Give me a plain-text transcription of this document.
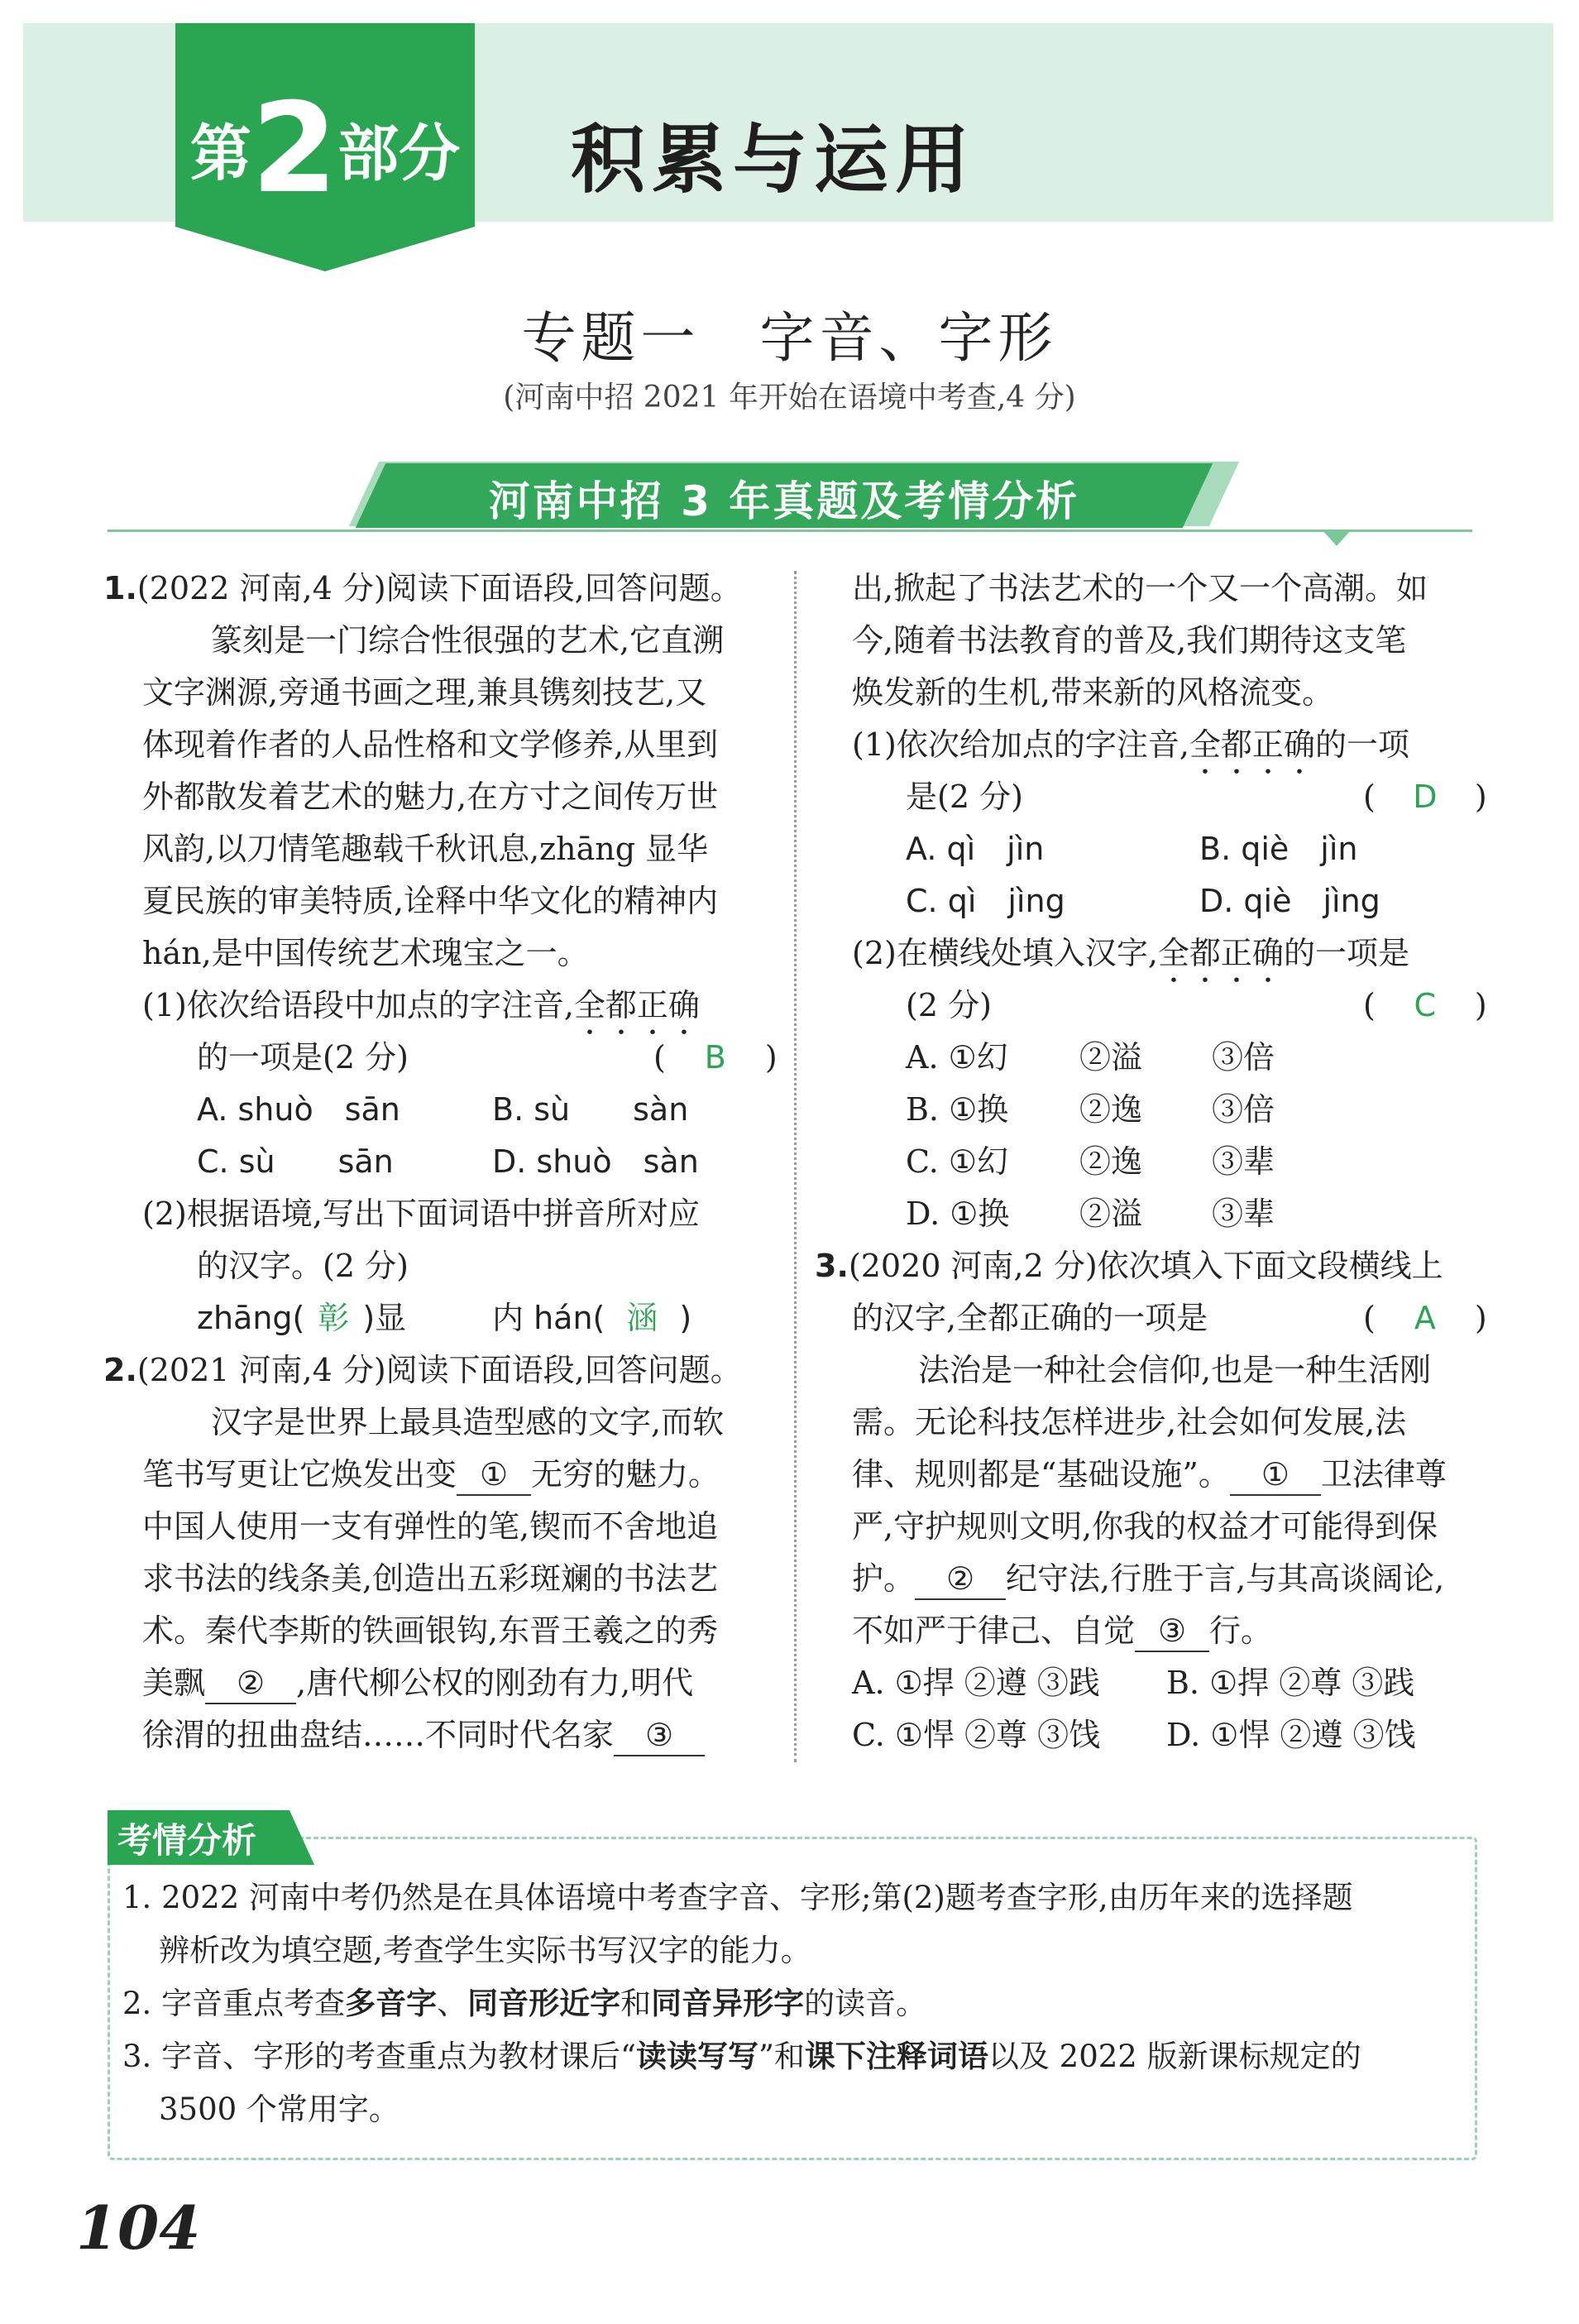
第2部分 积累与运用
专题一　字音、字形
(河南中招 2021 年开始在语境中考查,4 分)
河南中招 3 年真题及考情分析
1.(2022 河南,4 分)阅读下面语段,回答问题。
篆刻是一门综合性很强的艺术,它直溯
文字渊源,旁通书画之理,兼具镌刻技艺,又
体现着作者的人品性格和文学修养,从里到
外都散发着艺术的魅力,在方寸之间传万世
风韵,以刀情笔趣载千秋讯息,zhāng 显华
夏民族的审美特质,诠释中华文化的精神内
hán,是中国传统艺术瑰宝之一。
(1)依次给语段中加点的字注音,全都正确
的一项是(2 分)	( B )
A. shuò　sān	B. sù　　sàn
C. sù　　sān	D. shuò　sàn
(2)根据语境,写出下面词语中拼音所对应
的汉字。(2 分)
zhāng( 彰 )显	内 hán( 涵 )
2.(2021 河南,4 分)阅读下面语段,回答问题。
汉字是世界上最具造型感的文字,而软
笔书写更让它焕发出变 ① 无穷的魅力。
中国人使用一支有弹性的笔,锲而不舍地追
求书法的线条美,创造出五彩斑斓的书法艺
术。秦代李斯的铁画银钩,东晋王羲之的秀
美飘 ② ,唐代柳公权的刚劲有力,明代
徐渭的扭曲盘结……不同时代名家 ③
出,掀起了书法艺术的一个又一个高潮。如
今,随着书法教育的普及,我们期待这支笔
焕发新的生机,带来新的风格流变。
(1)依次给加点的字注音,全都正确的一项
是(2 分)	( D )
A. qì　jìn	B. qiè　jìn
C. qì　jìng	D. qiè　jìng
(2)在横线处填入汉字,全都正确的一项是
(2 分)	( C )
A. ①幻 ②溢 ③倍
B. ①换 ②逸 ③倍
C. ①幻 ②逸 ③辈
D. ①换 ②溢 ③辈
3.(2020 河南,2 分)依次填入下面文段横线上
的汉字,全都正确的一项是	( A )
法治是一种社会信仰,也是一种生活刚
需。无论科技怎样进步,社会如何发展,法
律、规则都是“基础设施”。 ① 卫法律尊
严,守护规则文明,你我的权益才可能得到保
护。 ② 纪守法,行胜于言,与其高谈阔论,
不如严于律己、自觉 ③ 行。
A. ①捍 ②遵 ③践 B. ①捍 ②尊 ③践
C. ①悍 ②尊 ③饯 D. ①悍 ②遵 ③饯
考情分析
1. 2022 河南中考仍然是在具体语境中考查字音、字形;第(2)题考查字形,由历年来的选择题
辨析改为填空题,考查学生实际书写汉字的能力。
2. 字音重点考查多音字、同音形近字和同音异形字的读音。
3. 字音、字形的考查重点为教材课后“读读写写”和课下注释词语以及 2022 版新课标规定的
3500 个常用字。
104
